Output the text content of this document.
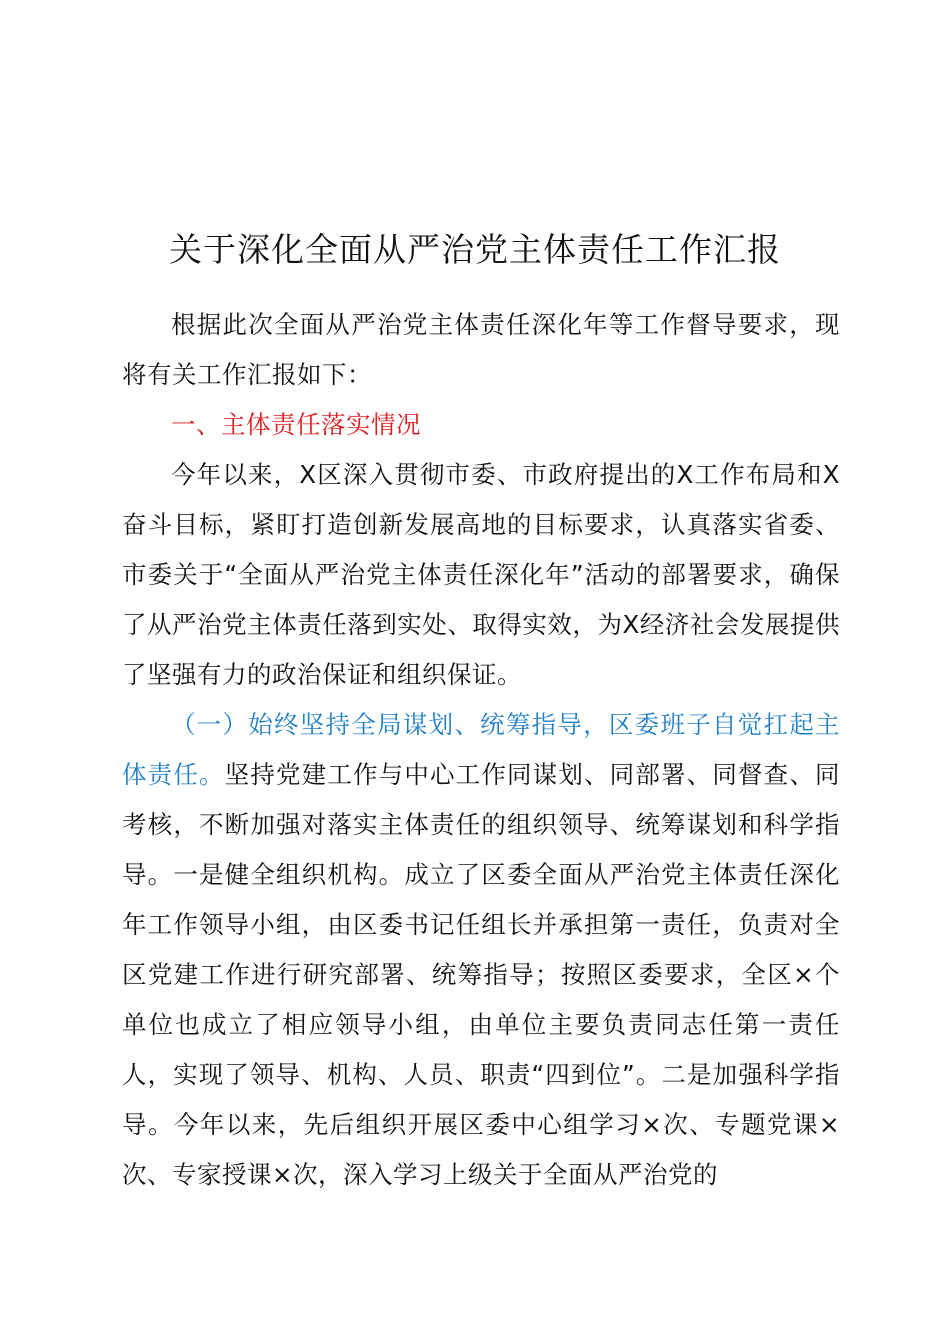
关于深化全面从严治党主体责任工作汇报

根据此次全面从严治党主体责任深化年等工作督导要求，现将有关工作汇报如下：

一、主体责任落实情况

今年以来，X区深入贯彻市委、市政府提出的X工作布局和X奋斗目标，紧盯打造创新发展高地的目标要求，认真落实省委、市委关于“全面从严治党主体责任深化年”活动的部署要求，确保了从严治党主体责任落到实处、取得实效，为X经济社会发展提供了坚强有力的政治保证和组织保证。

（一）始终坚持全局谋划、统筹指导，区委班子自觉扛起主体责任。坚持党建工作与中心工作同谋划、同部署、同督查、同考核，不断加强对落实主体责任的组织领导、统筹谋划和科学指导。一是健全组织机构。成立了区委全面从严治党主体责任深化年工作领导小组，由区委书记任组长并承担第一责任，负责对全区党建工作进行研究部署、统筹指导；按照区委要求，全区×个单位也成立了相应领导小组，由单位主要负责同志任第一责任人，实现了领导、机构、人员、职责“四到位”。二是加强科学指导。今年以来，先后组织开展区委中心组学习×次、专题党课×次、专家授课×次，深入学习上级关于全面从严治党的
